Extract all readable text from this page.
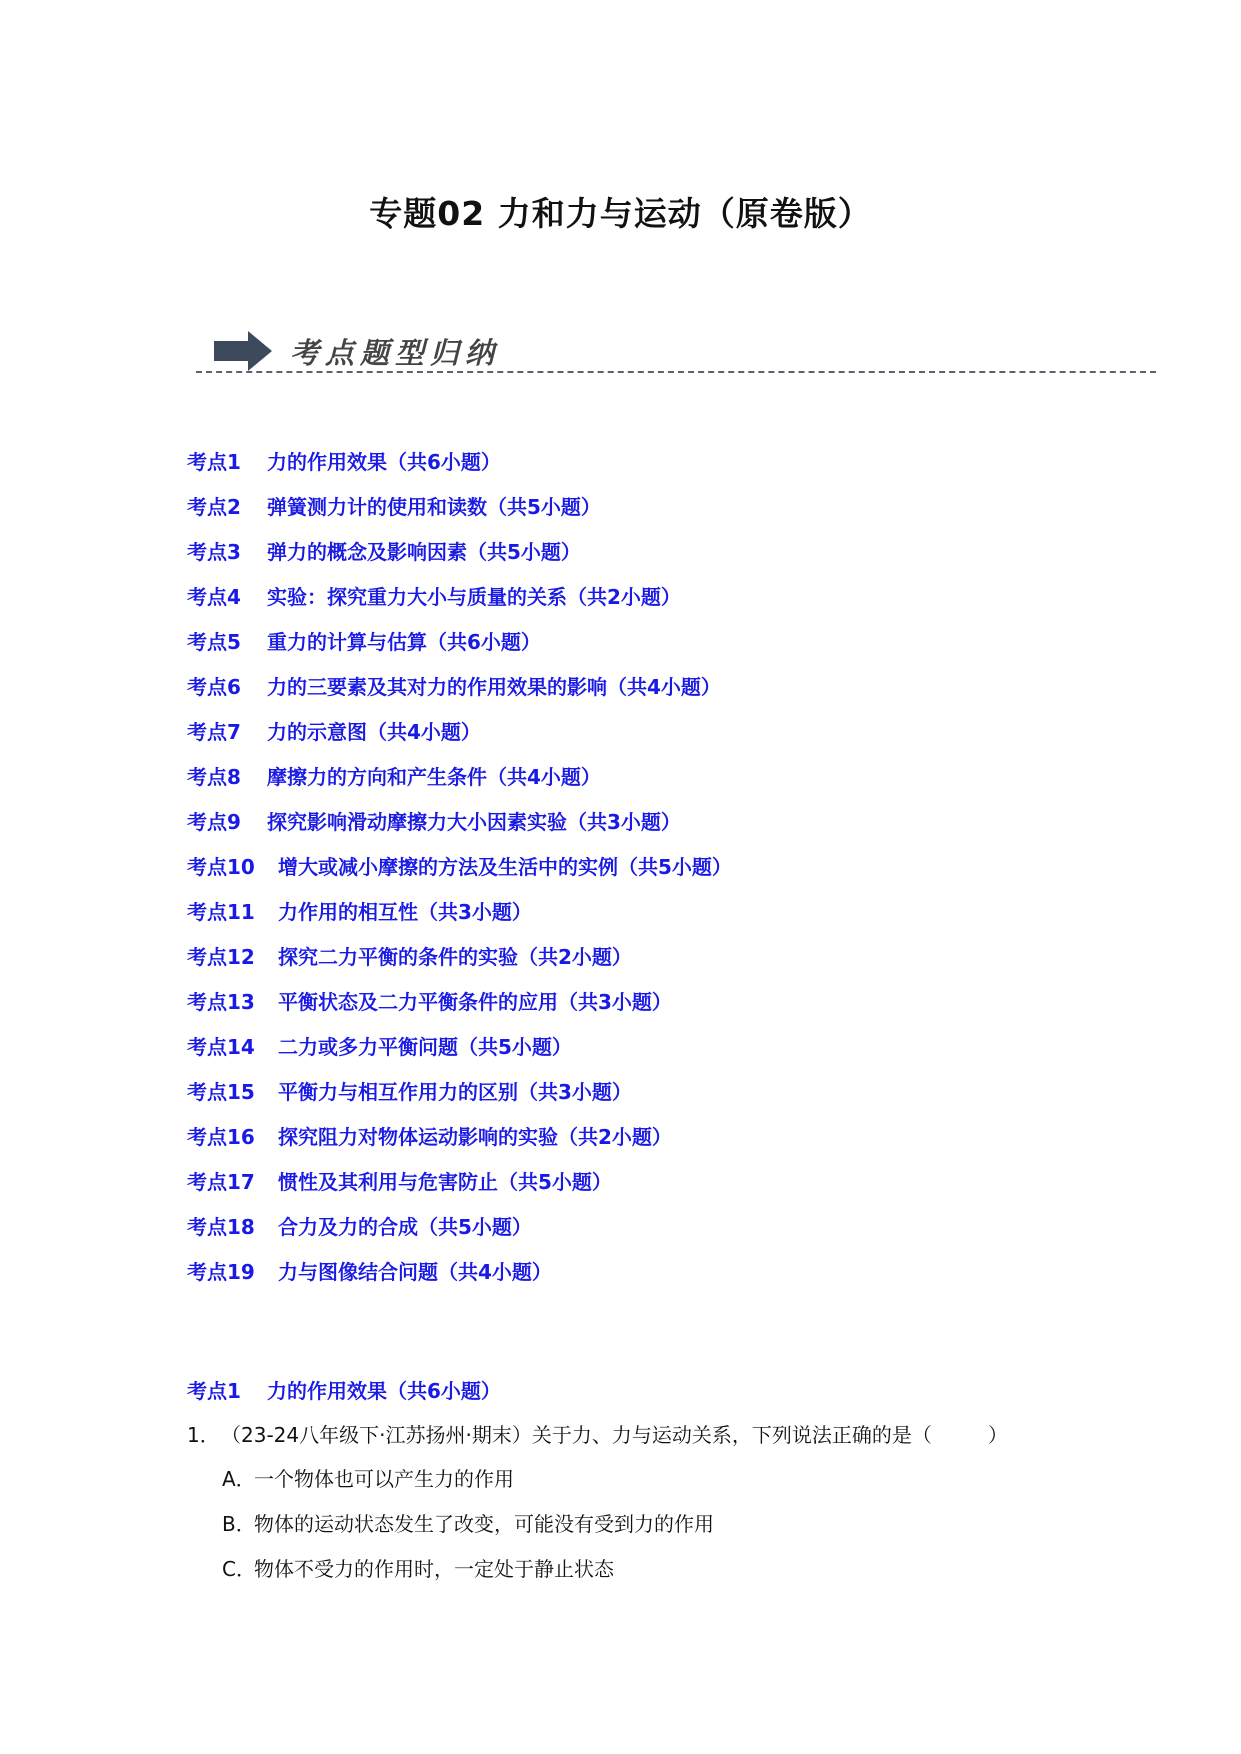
专题02 力和力与运动（原卷版）
考点题型归纳
考点1 力的作用效果（共6小题）
考点2 弹簧测力计的使用和读数（共5小题）
考点3 弹力的概念及影响因素（共5小题）
考点4 实验：探究重力大小与质量的关系（共2小题）
考点5 重力的计算与估算（共6小题）
考点6 力的三要素及其对力的作用效果的影响（共4小题）
考点7 力的示意图（共4小题）
考点8 摩擦力的方向和产生条件（共4小题）
考点9 探究影响滑动摩擦力大小因素实验（共3小题）
考点10 增大或减小摩擦的方法及生活中的实例（共5小题）
考点11 力作用的相互性（共3小题）
考点12 探究二力平衡的条件的实验（共2小题）
考点13 平衡状态及二力平衡条件的应用（共3小题）
考点14 二力或多力平衡问题（共5小题）
考点15 平衡力与相互作用力的区别（共3小题）
考点16 探究阻力对物体运动影响的实验（共2小题）
考点17 惯性及其利用与危害防止（共5小题）
考点18 合力及力的合成（共5小题）
考点19 力与图像结合问题（共4小题）
考点1 力的作用效果（共6小题）
1．（23-24八年级下·江苏扬州·期末）关于力、力与运动关系，下列说法正确的是（	）
A．一个物体也可以产生力的作用
B．物体的运动状态发生了改变，可能没有受到力的作用
C．物体不受力的作用时，一定处于静止状态
